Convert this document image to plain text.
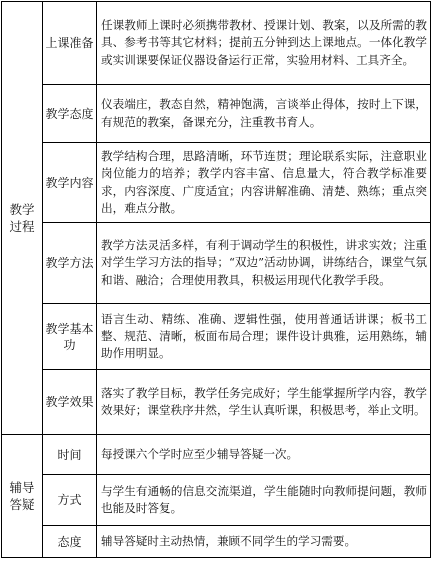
教学
过程	上课准备	任课教师上课时必须携带教材、授课计划、教案，以及所需的教具、参考书等其它材料；提前五分钟到达上课地点。一体化教学或实训课要保证仪器设备运行正常，实验用材料、工具齐全。
	教学态度	仪表端庄，教态自然，精神饱满，言谈举止得体，按时上下课，有规范的教案，备课充分，注重教书育人。
	教学内容	教学结构合理，思路清晰，环节连贯；理论联系实际，注意职业岗位能力的培养；教学内容丰富、信息量大，符合教学标准要求，内容深度、广度适宜；内容讲解准确、清楚、熟练；重点突出，难点分散。
	教学方法	教学方法灵活多样，有利于调动学生的积极性，讲求实效；注重对学生学习方法的指导；“双边”活动协调，讲练结合，课堂气氛和谐、融洽；合理使用教具，积极运用现代化教学手段。
	教学基本功	语言生动、精练、准确、逻辑性强，使用普通话讲课；板书工整、规范、清晰，板面布局合理；课件设计典雅，运用熟练，辅助作用明显。
	教学效果	落实了教学目标，教学任务完成好；学生能掌握所学内容，教学效果好；课堂秩序井然，学生认真听课，积极思考，举止文明。

辅导
答疑	时间	每授课六个学时应至少辅导答疑一次。
	方式	与学生有通畅的信息交流渠道，学生能随时向教师提问题，教师也能及时答复。
	态度	辅导答疑时主动热情，兼顾不同学生的学习需要。
